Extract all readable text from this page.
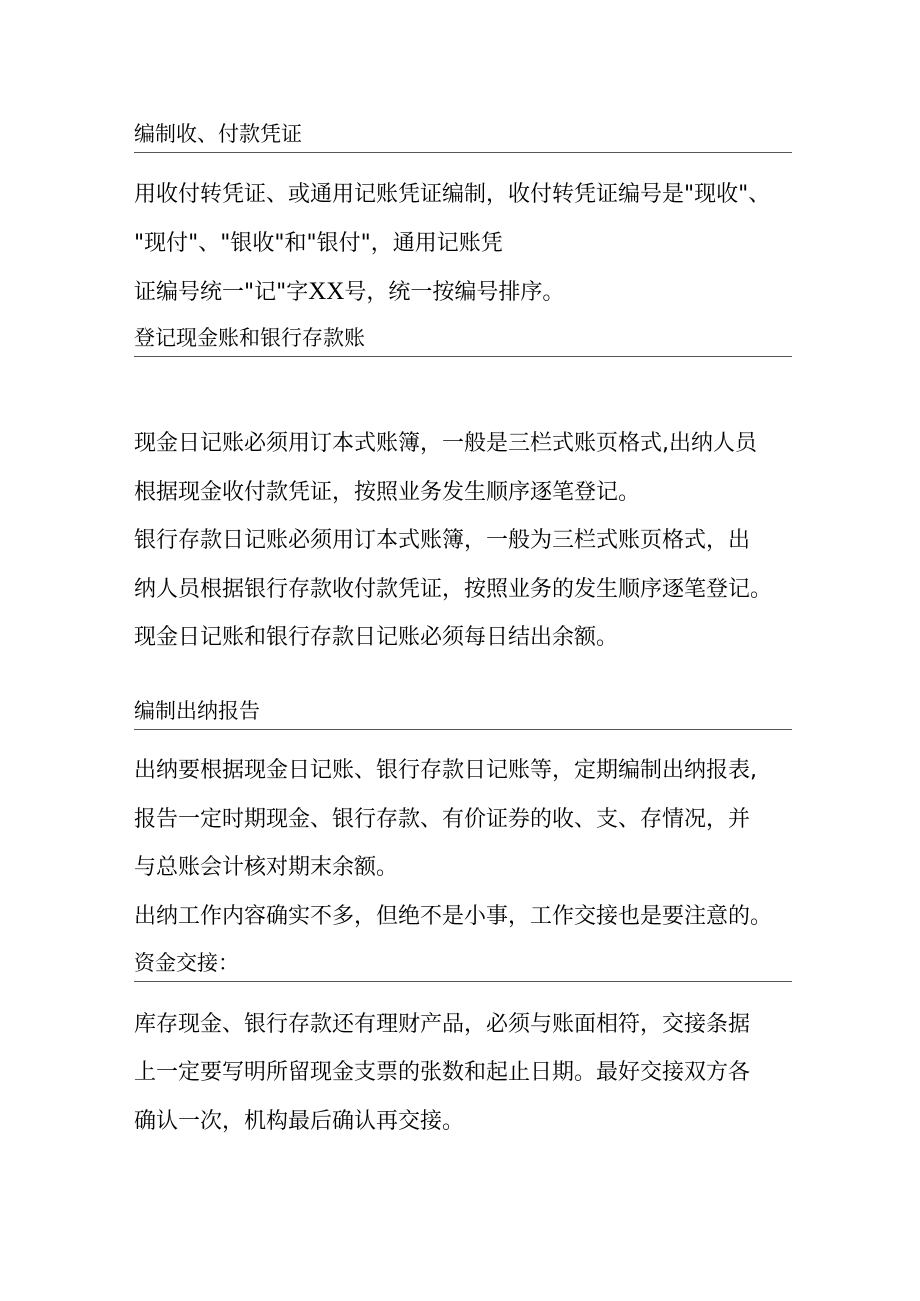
编制收、付款凭证
用收付转凭证、或通用记账凭证编制，收付转凭证编号是"现收"、
"现付"、"银收"和"银付"，通用记账凭
证编号统一"记"字XX号，统一按编号排序。
登记现金账和银行存款账
现金日记账必须用订本式账簿，一般是三栏式账页格式,出纳人员
根据现金收付款凭证，按照业务发生顺序逐笔登记。
银行存款日记账必须用订本式账簿，一般为三栏式账页格式，出
纳人员根据银行存款收付款凭证，按照业务的发生顺序逐笔登记。
现金日记账和银行存款日记账必须每日结出余额。
编制出纳报告
出纳要根据现金日记账、银行存款日记账等，定期编制出纳报表,
报告一定时期现金、银行存款、有价证券的收、支、存情况，并
与总账会计核对期末余额。
出纳工作内容确实不多，但绝不是小事，工作交接也是要注意的。
资金交接：
库存现金、银行存款还有理财产品，必须与账面相符，交接条据
上一定要写明所留现金支票的张数和起止日期。最好交接双方各
确认一次，机构最后确认再交接。
